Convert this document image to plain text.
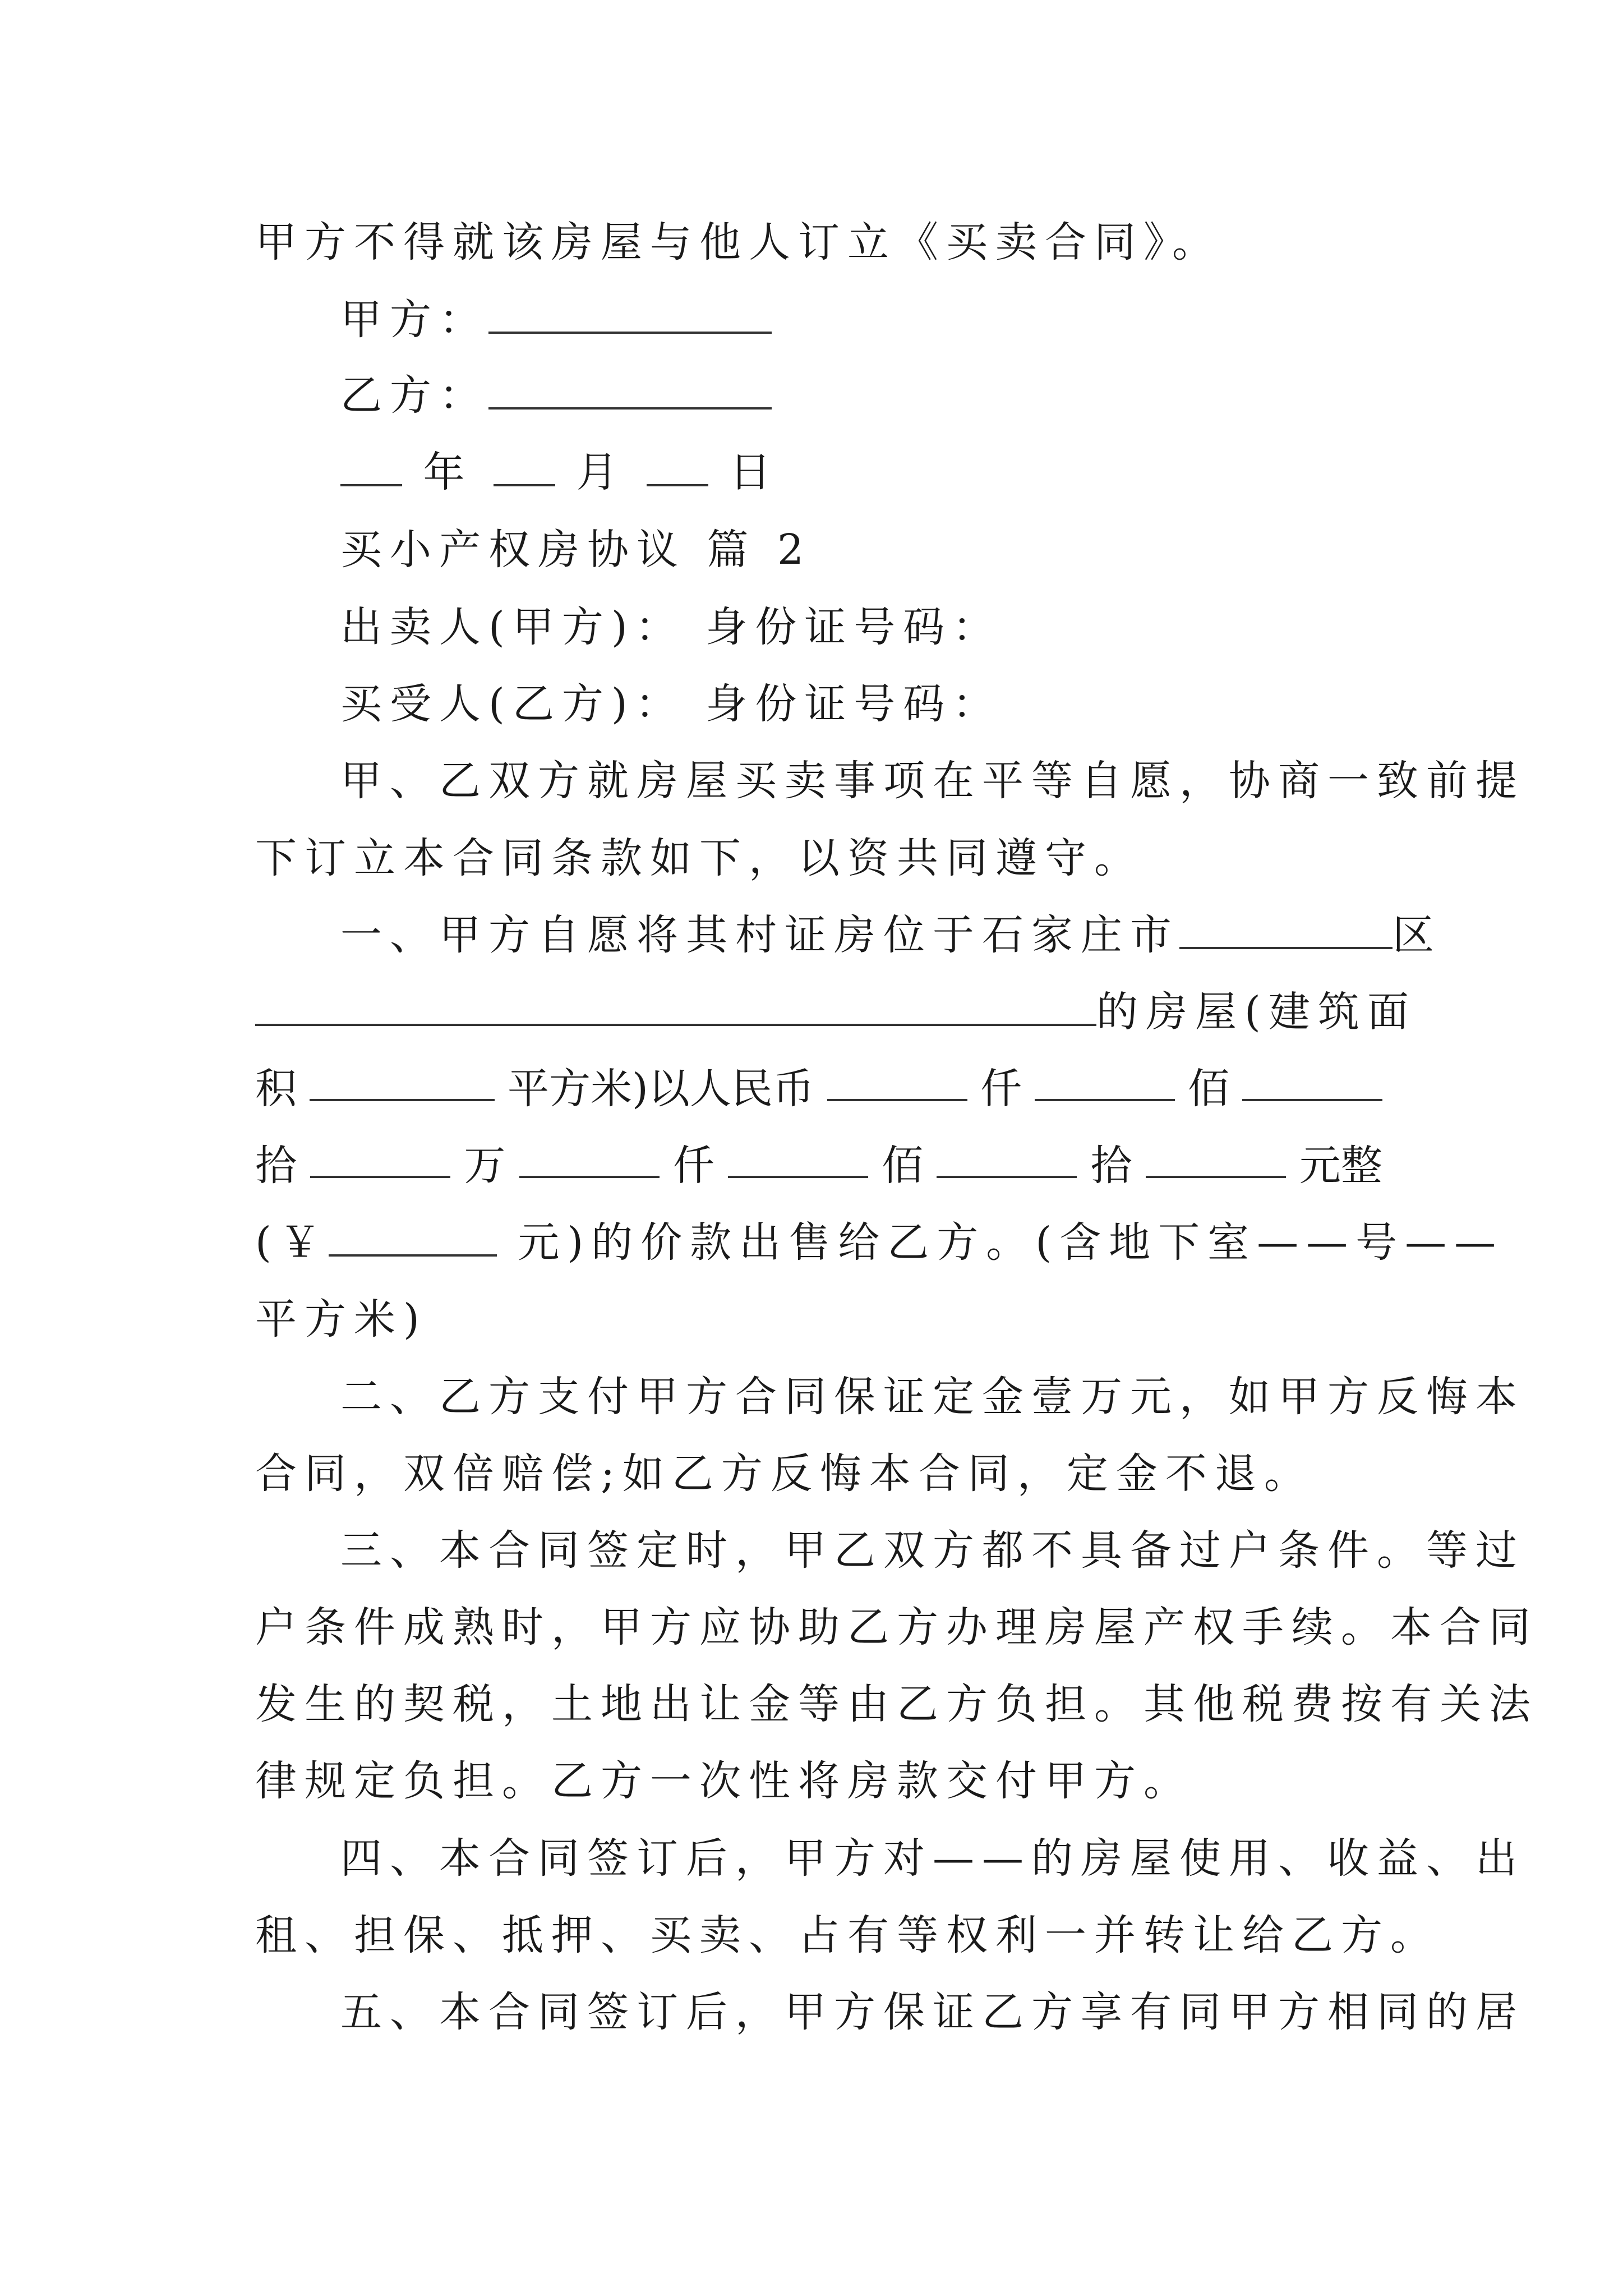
甲方不得就该房屋与他人订立《买卖合同》。
甲方：
乙方：
年	月	日
买小产权房协议 篇 2
出卖人(甲方)： 身份证号码：
买受人(乙方)： 身份证号码：
甲、乙双方就房屋买卖事项在平等自愿，协商一致前提
下订立本合同条款如下，以资共同遵守。
一、甲方自愿将其村证房位于石家庄市	区
的房屋(建筑面
积	平方米)以人民币	仟	佰
拾	万	仟	佰	拾	元整
(￥	元)的价款出售给乙方。(含地下室——号——
平方米)
二、乙方支付甲方合同保证定金壹万元，如甲方反悔本
合同，双倍赔偿;如乙方反悔本合同，定金不退。
三、本合同签定时，甲乙双方都不具备过户条件。等过
户条件成熟时，甲方应协助乙方办理房屋产权手续。本合同
发生的契税，土地出让金等由乙方负担。其他税费按有关法
律规定负担。乙方一次性将房款交付甲方。
四、本合同签订后，甲方对——的房屋使用、收益、出
租、担保、抵押、买卖、占有等权利一并转让给乙方。
五、本合同签订后，甲方保证乙方享有同甲方相同的居
